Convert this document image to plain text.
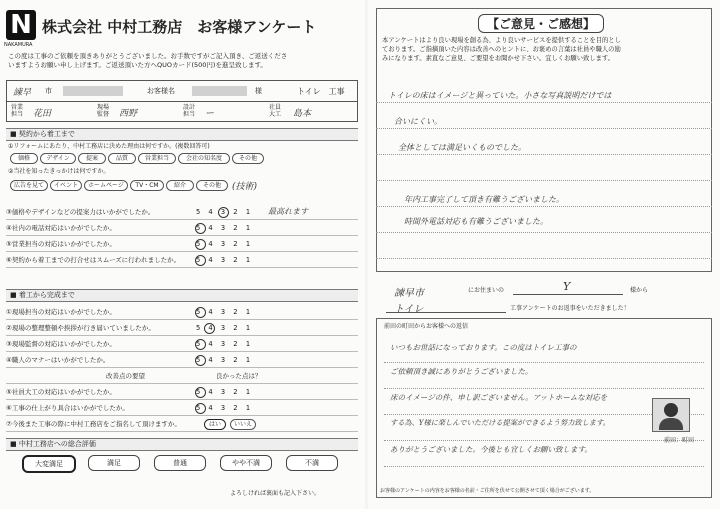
N
NAKAMURA
株式会社 中村工務店　お客様アンケート
この度は工事のご依頼を頂きありがとうございました。お手数ですがご記入頂き、ご返送くださ
いますようお願い申し上げます。ご返送頂いた方へQUOカード(500円)を進呈致します。
諫早 市	お客様名	様	トイレ　工事
営業担当 花田
現場監督 西野
設計担当 ー
社員大工 島本
■ 契約から着工まで
①リフォームにあたり、中村工務店に決めた理由は何ですか。(複数回答可)
価格	デザイン	提案	品質	営業担当	会社の知名度	その他
②当社を知ったきっかけは何ですか。
広告を見て	イベント	ホームページ	TV・CM	紹介	その他	(技術)
③価格やデザインなどの提案力はいかがでしたか。	5 4 3 2 1 最高れます
④社内の電話対応はいかがでしたか。	5 4 3 2 1
⑤営業担当の対応はいかがでしたか。	5 4 3 2 1
⑥契約から着工までの打合せはスムーズに行われましたか。 5 4 3 2 1
■ 着工から完成まで
①現場担当の対応はいかがでしたか。	5 4 3 2 1
②現場の整理整頓や挨拶が行き届いていましたか。	5 4 3 2 1
③現場監督の対応はいかがでしたか。	5 4 3 2 1
④職人のマナーはいかがでしたか。	5 4 3 2 1
改善点の要望	良かった点は？
⑤社員大工の対応はいかがでしたか。	5 4 3 2 1
⑥工事の仕上がり具合はいかがでしたか。	5 4 3 2 1
⑦今後また工事の際に中村工務店をご指名して頂けますか。	はい	いいえ
■ 中村工務店への総合評価
大変満足	満足	普通	やや不満	不満
よろしければ裏面も記入下さい。
【ご意見・ご感想】
本アンケートはより良い現場を創る為、より良いサービスを提供することを目的とし
ております。ご指摘頂いた内容は改善へのヒントに、お褒めの言葉は社員や職人の励
みになります。素直なご意見、ご要望をお聞かせ下さい。宜しくお願い致します。
トイレの床はイメージと異っていた。小さな写真説明だけでは
合いにくい。
全体としては満足いくものでした。
年内工事完了して頂き有難うございました。
時間外電話対応も有難うございました。
諫早市	にお住まいの	Y	様から
トイレ	工事アンケートのお返事をいただきました！
前田の町田からお客様への返信
いつもお世話になっております。この度はトイレ工事の
ご依頼頂き誠にありがとうございました。
床のイメージの件、申し訳ございません。アットホームな対応を
する為、Y様に楽しんでいただける提案ができるよう努力致します。
ありがとうございました。今後とも宜しくお願い致します。
前田：町田
お客様のアンケートの内容をお客様の名前・ご住所を伏せて公開させて頂く場合がございます。
